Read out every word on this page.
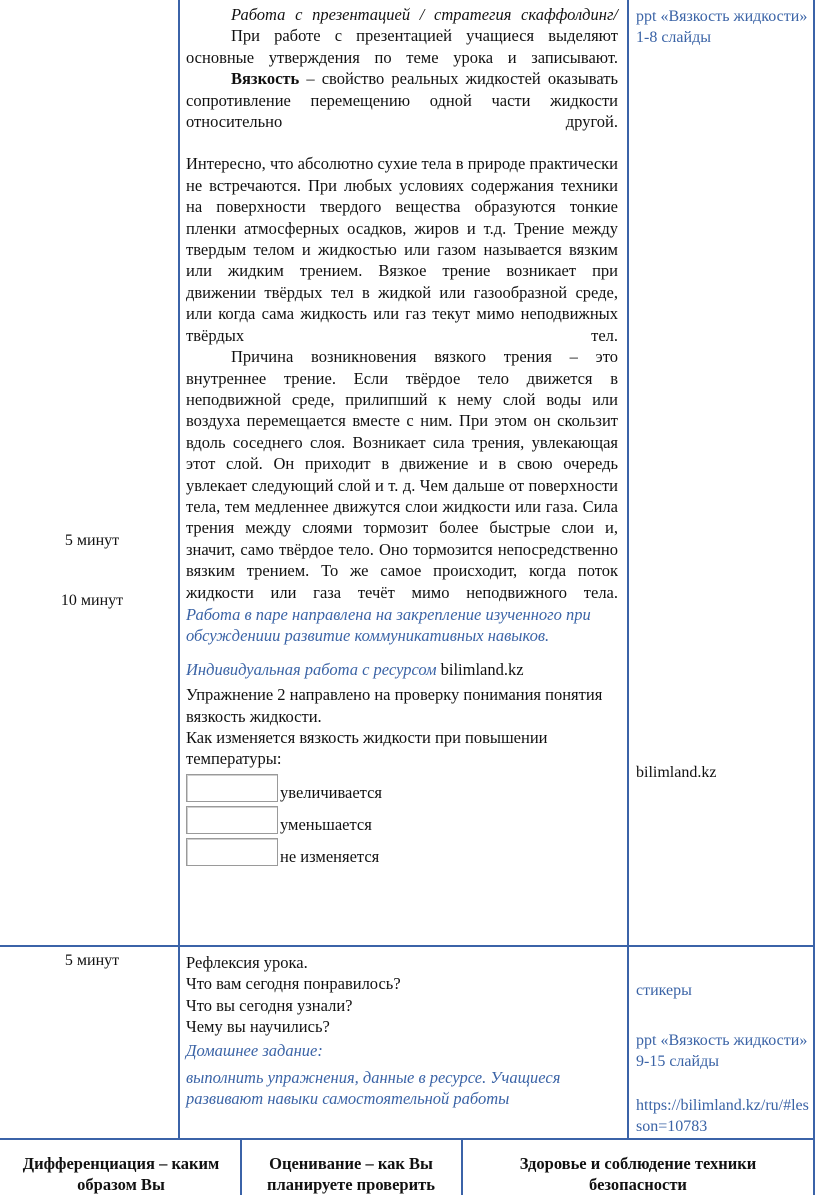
5 минут
10 минут
5 минут

Работа с презентацией / стратегия скаффолдинг/

При работе с презентацией учащиеся выделяют основные утверждения по теме урока и записывают.

Вязкость – свойство реальных жидкостей оказывать сопротивление перемещению одной части жидкости относительно другой.

Интересно, что абсолютно сухие тела в природе практически не встречаются. При любых условиях содержания техники на поверхности твердого вещества образуются тонкие пленки атмосферных осадков, жиров и т.д. Трение между твердым телом и жидкостью или газом называется вязким или жидким трением. Вязкое трение возникает при движении твёрдых тел в жидкой или газообразной среде, или когда сама жидкость или газ текут мимо неподвижных твёрдых тел.

Причина возникновения вязкого трения – это внутреннее трение. Если твёрдое тело движется в неподвижной среде, прилипший к нему слой воды или воздуха перемещается вместе с ним. При этом он скользит вдоль соседнего слоя. Возникает сила трения, увлекающая этот слой. Он приходит в движение и в свою очередь увлекает следующий слой и т. д. Чем дальше от поверхности тела, тем медленнее движутся слои жидкости или газа. Сила трения между слоями тормозит более быстрые слои и, значит, само твёрдое тело. Оно тормозится непосредственно вязким трением. То же самое происходит, когда поток жидкости или газа течёт мимо неподвижного тела.

Работа в паре направлена на закрепление изученного при обсуждениии развитие коммуникативных навыков.

Индивидуальная работа с ресурсом bilimland.kz

Упражнение 2 направлено на проверку понимания понятия вязкость жидкости.

Как изменяется вязкость жидкости при повышении температуры:

увеличивается
уменьшается
не изменяется

Рефлексия урока.

Что вам сегодня понравилось?

Что вы сегодня узнали?

Чему вы научились?

Домашнее задание:

выполнить упражнения, данные в ресурсе. Учащиеся развивают навыки самостоятельной работы

ppt «Вязкость жидкости» 1-8 слайды
bilimland.kz
стикеры
ppt «Вязкость жидкости» 9-15 слайды
https://bilimland.kz/ru/#lesson=10783
Дифференциация – каким образом Вы
Оценивание – как Вы планируете проверить
Здоровье и соблюдение техники безопасности
